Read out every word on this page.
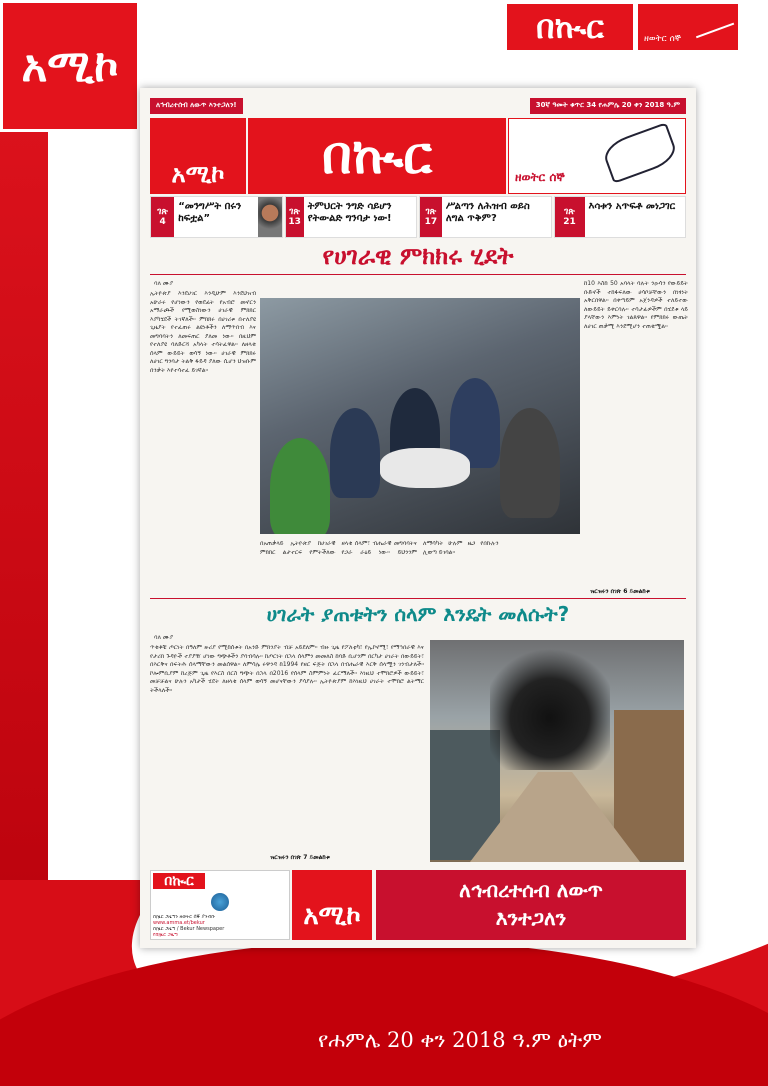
አሚኮ
በኲር	ዘወትር ሰኞ
ለኅብረተሰብ ለውጥ እንተጋለን!	30ኛ ዓመት ቁጥር 34 የሐምሌ 20 ቀን 2018 ዓ.ም
አሚኮ	በኲር	ዘወትር ሰኞ
ገጽ
4
“መንግሥት በሩን ከፍቷል”
ገጽ
13
ትምህርት ንግድ ሳይሆን የትውልድ ግንባታ ነው!
ገጽ
17
ሥልጣን ለሕዝብ ወይስ ለግል ጥቅም?
ገጽ
21
እሳቱን አጥፍቶ መነጋገር
የሀገራዊ ምክክሩ ሂደት
ባለ ሙያ
ኢትዮጵያ እንደሀገር እንዲሁም እንደህዝብ አሁራሩ የሆነውን የወደፊት የአብሮ መኖርን አማራጮች የሚወስነውን ሀገራዊ ምክክር እያካሄደች ትገኛለች። ምክክሩ በሀገሪቱ በተለያዩ ጊዜያት የተፈጠሩ ልዩነቶችን ለማጥበብ እና መግባባትን ለመፍጠር ያለመ ነው። በዚህም የተለያዩ ባለድርሻ አካላት ተሳትፈዋል። ለዘላቂ ሰላም ውይይት ወሳኝ ነው። ሀገራዊ ምክክሩ ለሀገር ግንባታ ትልቅ ፋይዳ ያለው ሲሆን ህዝቡም በንቃት እየተሳተፈ ይገኛል።
ከ10 እስከ 50 አባላት ባሉት ንዑሳን የውይይት ቡድኖች ተከፋፍለው ሀሳቦቻቸውን በነፃነት አቅርበዋል። በቀጣይም አጀንዳዎች ተለይተው ለውይይት ይቀርባሉ። ተሳታፊዎችም በሂደቱ ላይ ያላቸውን እምነት ገልጸዋል። የምክክሩ ውጤት ለሀገር ጠቃሚ እንደሚሆን ተጠቁሟል።
በአጠቃላይ ኢትዮጵያ ከሀገራዊ ምክክር ልታተርፍ የምትችለው ዘላቂ ሰላም፣ ብሔራዊ መግባባትና የጋራ ራዕይ ነው። ይህንንም ለማሳካት ሁሉም ዜጋ የበኩሉን ሊወጣ ይገባል።
ዝርዝሩን በገጽ 6 ይመልከቱ
ሀገራት ያጠቱትን ሰላም እንዴት መለሱት?
ባለ ሙያ
ጥቂቶቹ ጦርነት በዓለም ዙሪያ የሚከሰቱት በአንድ ምክንያት ብቻ አይደለም። ብዙ ጊዜ የፖለቲካ፣ የኢኮኖሚ፣ የማኅበራዊ እና የታሪክ ጉዳዮች ተያያዥ ሆነው ግጭቶችን ያባብሳሉ። ከጦርነት በኋላ ሰላምን መመለስ ከባድ ቢሆንም በርካታ ሀገራት በውይይት፣ በእርቅና በፍትሕ ሰላማቸውን መልሰዋል። ለምሳሌ ሩዋንዳ ከ1994 የዘር ፍጅት በኋላ በብሔራዊ እርቅ ሰላሟን ገንብታለች። ኮሎምቢያም ከረጅም ጊዜ የእርስ በርስ ግጭት በኋላ በ2016 የሰላም ስምምነት ፈርማለች። እነዚህ ተሞክሮዎች ውይይት፣ መቻቻልና ሁሉን አካታች ሂደት ለዘላቂ ሰላም ወሳኝ መሆናቸውን ያሳያሉ። ኢትዮጵያም ከእነዚህ ሀገራት ተሞክሮ ልትማር ትችላለች።
ዝርዝሩን በገጽ 7 ይመልከቱ
በኲር
በኲር ጋዜጣን ዘወትር ሰኞ ያንብቡ
www.amma.et/bekur
በኲር ጋዜጣ / Bekur Newspaper
የበኲር ጋዜጣ
አሚኮ
ለኅብረተሰብ ለውጥ
እንተጋለን
የሐምሌ 20 ቀን 2018 ዓ.ም ዕትም
